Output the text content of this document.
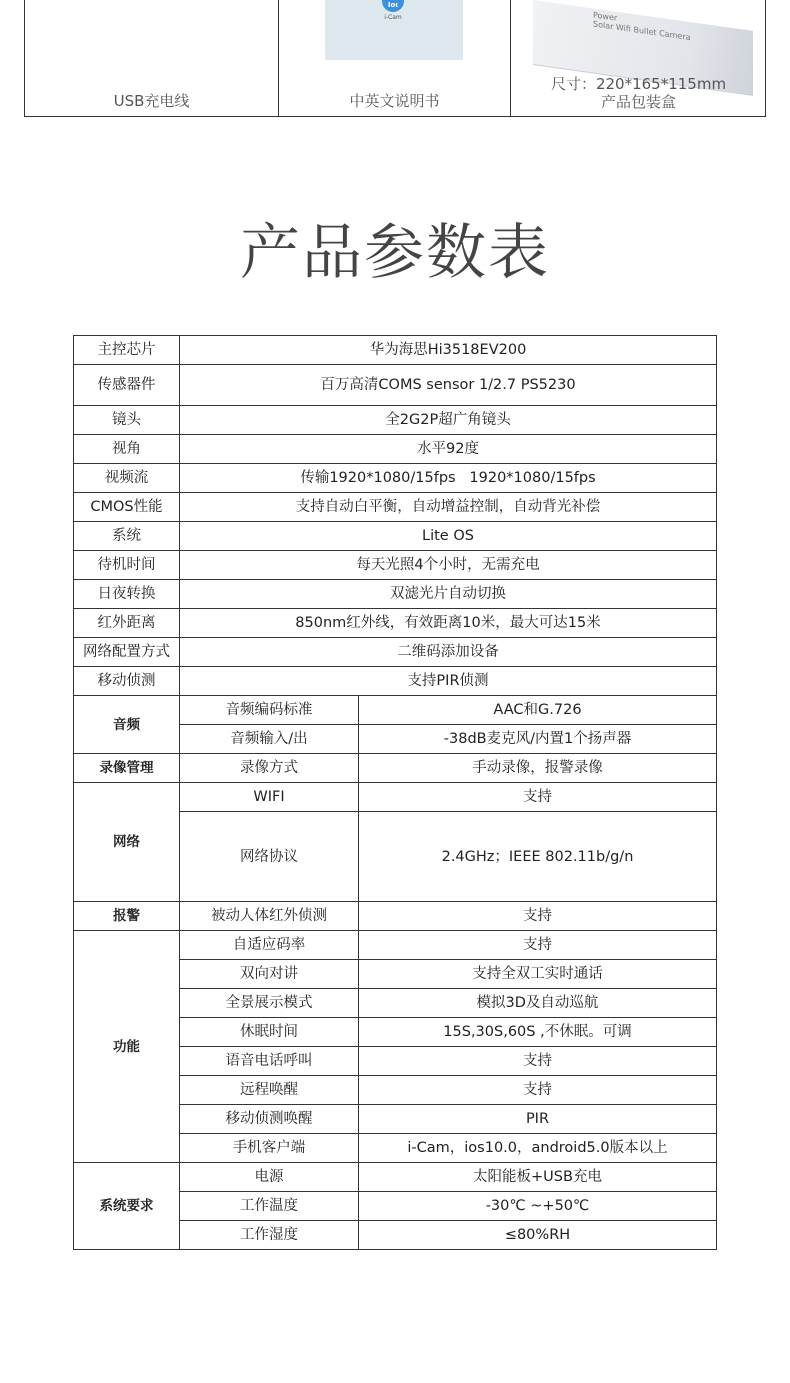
USB充电线
Ιοι
i-Cam
中英文说明书
Power
Solar Wifi Bullet Camera
尺寸：220*165*115mm
产品包装盒
产品参数表
主控芯片	华为海思Hi3518EV200	
传感器件	百万高清COMS sensor 1/2.7 PS5230	
镜头	全2G2P超广角镜头	
视角	水平92度	
视频流	传输1920*1080/15fps   1920*1080/15fps	
CMOS性能	支持自动白平衡，自动增益控制，自动背光补偿	
系统	Lite OS	
待机时间	每天光照4个小时，无需充电	
日夜转换	双滤光片自动切换	
红外距离	850nm红外线，有效距离10米，最大可达15米	
网络配置方式	二维码添加设备	
移动侦测	支持PIR侦测	
音频	音频编码标准	AAC和G.726
	音频输入/出	-38dB麦克风/内置1个扬声器
录像管理	录像方式	手动录像，报警录像
网络	WIFI	支持
	网络协议	2.4GHz；IEEE 802.11b/g/n
报警	被动人体红外侦测	支持
功能	自适应码率	支持
	双向对讲	支持全双工实时通话
	全景展示模式	模拟3D及自动巡航
	休眠时间	15S,30S,60S ,不休眠。可调
	语音电话呼叫	支持
	远程唤醒	支持
	移动侦测唤醒	PIR
	手机客户端	i-Cam，ios10.0，android5.0版本以上
系统要求	电源	太阳能板+USB充电
	工作温度	-30℃ ~+50℃
	工作湿度	≤80%RH
